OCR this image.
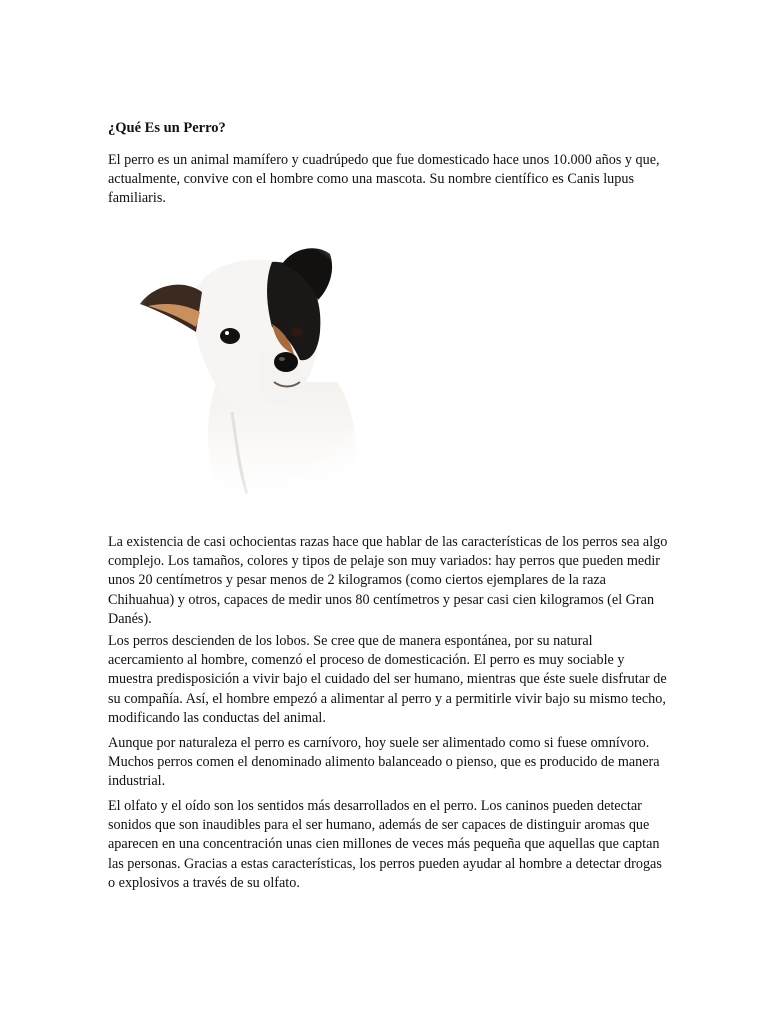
¿Qué Es un Perro?

El perro es un animal mamífero y cuadrúpedo que fue domesticado hace unos 10.000 años y que, actualmente, convive con el hombre como una mascota. Su nombre científico es Canis lupus familiaris.

La existencia de casi ochocientas razas hace que hablar de las características de los perros sea algo complejo. Los tamaños, colores y tipos de pelaje son muy variados: hay perros que pueden medir unos 20 centímetros y pesar menos de 2 kilogramos (como ciertos ejemplares de la raza Chihuahua) y otros, capaces de medir unos 80 centímetros y pesar casi cien kilogramos (el Gran Danés).

Los perros descienden de los lobos. Se cree que de manera espontánea, por su natural acercamiento al hombre, comenzó el proceso de domesticación. El perro es muy sociable y muestra predisposición a vivir bajo el cuidado del ser humano, mientras que éste suele disfrutar de su compañía. Así, el hombre empezó a alimentar al perro y a permitirle vivir bajo su mismo techo, modificando las conductas del animal.

Aunque por naturaleza el perro es carnívoro, hoy suele ser alimentado como si fuese omnívoro. Muchos perros comen el denominado alimento balanceado o pienso, que es producido de manera industrial.

El olfato y el oído son los sentidos más desarrollados en el perro. Los caninos pueden detectar sonidos que son inaudibles para el ser humano, además de ser capaces de distinguir aromas que aparecen en una concentración unas cien millones de veces más pequeña que aquellas que captan las personas. Gracias a estas características, los perros pueden ayudar al hombre a detectar drogas o explosivos a través de su olfato.
